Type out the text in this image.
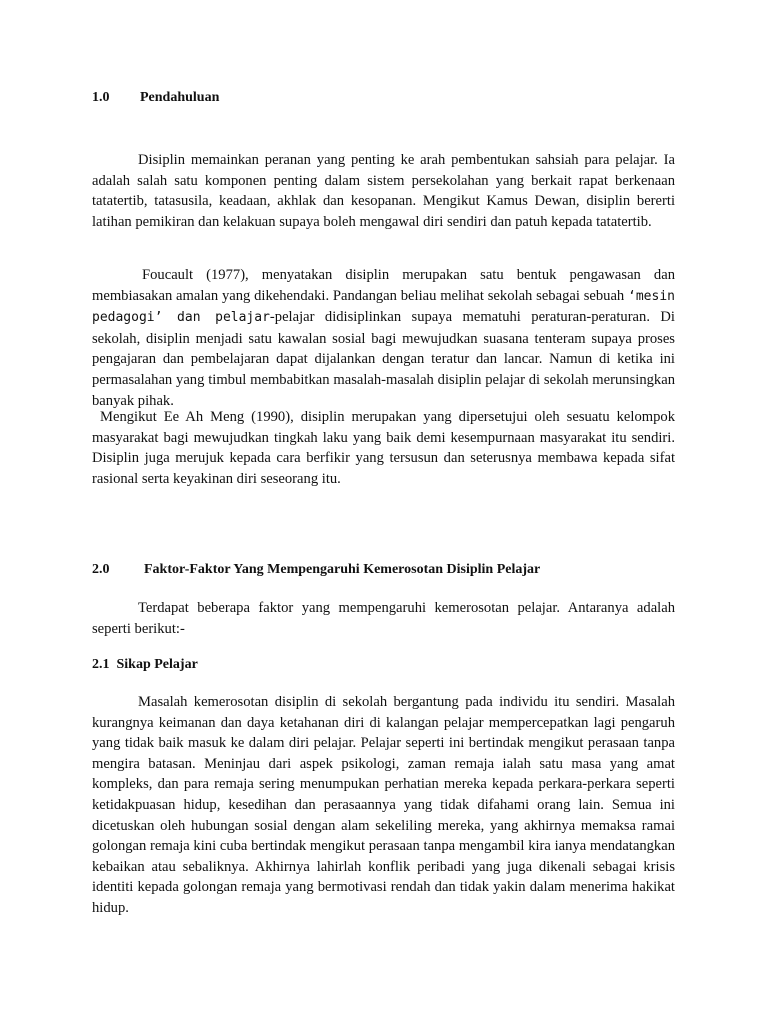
1.0 Pendahuluan

Disiplin memainkan peranan yang penting ke arah pembentukan sahsiah para pelajar. Ia adalah salah satu komponen penting dalam sistem persekolahan yang berkait rapat berkenaan tatatertib, tatasusila, keadaan, akhlak dan kesopanan. Mengikut Kamus Dewan, disiplin bererti latihan pemikiran dan kelakuan supaya boleh mengawal diri sendiri dan patuh kepada tatatertib.

Foucault (1977), menyatakan disiplin merupakan satu bentuk pengawasan dan membiasakan amalan yang dikehendaki. Pandangan beliau melihat sekolah sebagai sebuah ‘mesin pedagogi’ dan pelajar-pelajar didisiplinkan supaya mematuhi peraturan-peraturan. Di sekolah, disiplin menjadi satu kawalan sosial bagi mewujudkan suasana tenteram supaya proses pengajaran dan pembelajaran dapat dijalankan dengan teratur dan lancar. Namun di ketika ini permasalahan yang timbul membabitkan masalah-masalah disiplin pelajar di sekolah merunsingkan banyak pihak.

Mengikut Ee Ah Meng (1990), disiplin merupakan yang dipersetujui oleh sesuatu kelompok masyarakat bagi mewujudkan tingkah laku yang baik demi kesempurnaan masyarakat itu sendiri. Disiplin juga merujuk kepada cara berfikir yang tersusun dan seterusnya membawa kepada sifat rasional serta keyakinan diri seseorang itu.

2.0 Faktor-Faktor Yang Mempengaruhi Kemerosotan Disiplin Pelajar

Terdapat beberapa faktor yang mempengaruhi kemerosotan pelajar. Antaranya adalah seperti berikut:-

2.1  Sikap Pelajar

Masalah kemerosotan disiplin di sekolah bergantung pada individu itu sendiri. Masalah kurangnya keimanan dan daya ketahanan diri di kalangan pelajar mempercepatkan lagi pengaruh yang tidak baik masuk ke dalam diri pelajar. Pelajar seperti ini bertindak mengikut perasaan tanpa mengira batasan. Meninjau dari aspek psikologi, zaman remaja ialah satu masa yang amat kompleks, dan para remaja sering menumpukan perhatian mereka kepada perkara-perkara seperti ketidakpuasan hidup, kesedihan dan perasaannya yang tidak difahami orang lain. Semua ini dicetuskan oleh hubungan sosial dengan alam sekeliling mereka, yang akhirnya memaksa ramai golongan remaja kini cuba bertindak mengikut perasaan tanpa mengambil kira ianya mendatangkan kebaikan atau sebaliknya. Akhirnya lahirlah konflik peribadi yang juga dikenali sebagai krisis identiti kepada golongan remaja yang bermotivasi rendah dan tidak yakin dalam menerima hakikat hidup.
